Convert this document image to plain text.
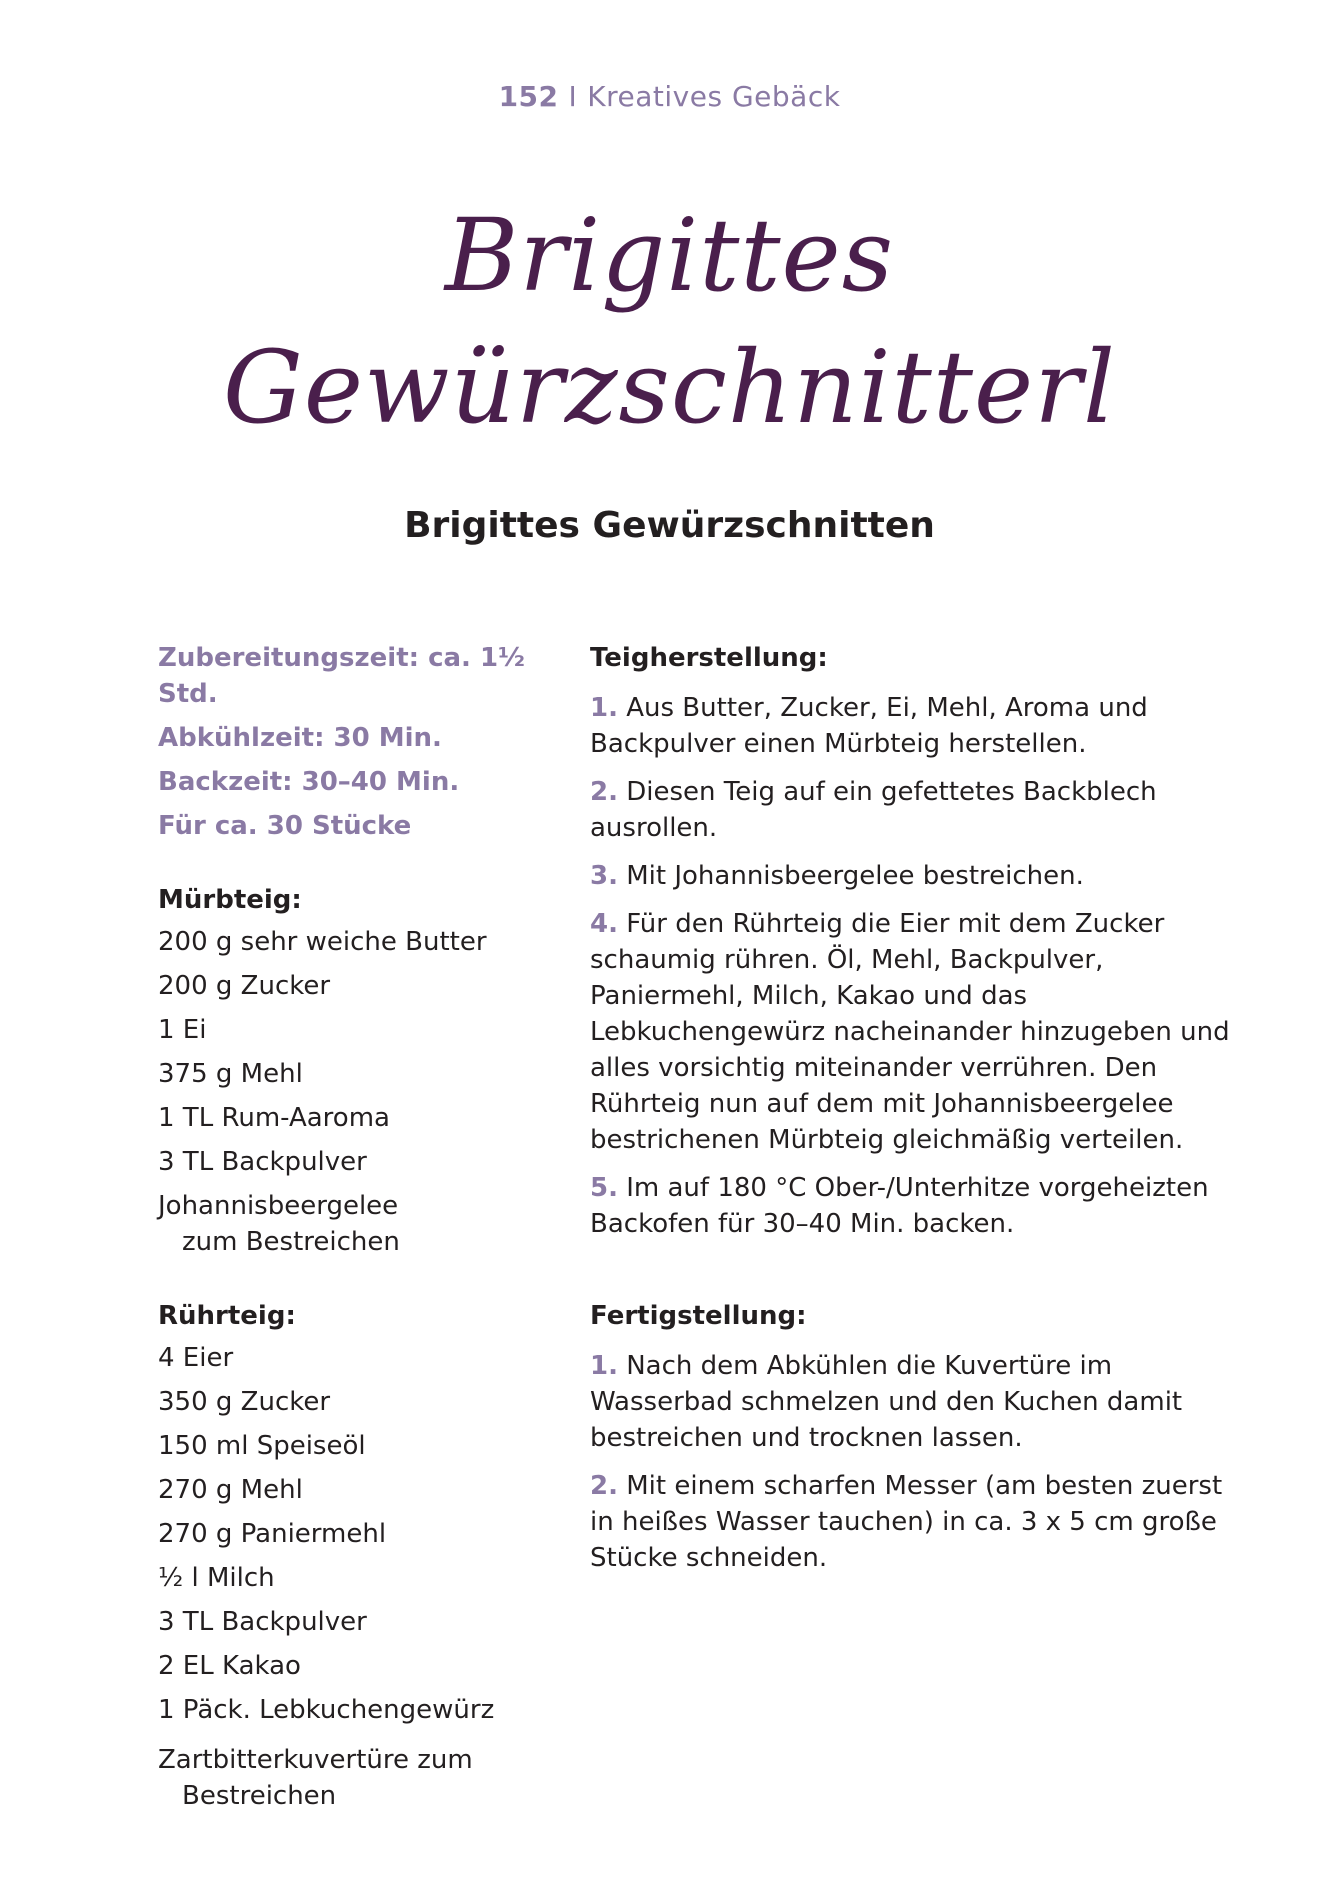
152 I Kreatives Gebäck
Brigittes
Gewürzschnitterl
Brigittes Gewürzschnitten
Zubereitungszeit: ca. 1½ Std.
Abkühlzeit: 30 Min.
Backzeit: 30–40 Min.
Für ca. 30 Stücke
Mürbteig:
200 g sehr weiche Butter
200 g Zucker
1 Ei
375 g Mehl
1 TL Rum-Aaroma
3 TL Backpulver
Johannisbeergelee
zum Bestreichen
Rührteig:
4 Eier
350 g Zucker
150 ml Speiseöl
270 g Mehl
270 g Paniermehl
½ l Milch
3 TL Backpulver
2 EL Kakao
1 Päck. Lebkuchengewürz
Zartbitterkuvertüre zum
Bestreichen
Teigherstellung:
1. Aus Butter, Zucker, Ei, Mehl, Aroma und Backpulver einen Mürbteig herstellen.
2. Diesen Teig auf ein gefettetes Backblech ausrollen.
3. Mit Johannisbeergelee bestreichen.
4. Für den Rührteig die Eier mit dem Zucker schaumig rühren. Öl, Mehl, Backpulver, Paniermehl, Milch, Kakao und das Lebkuchengewürz nacheinander hinzugeben und alles vorsichtig miteinander verrühren. Den Rührteig nun auf dem mit Johannisbeergelee bestrichenen Mürbteig gleichmäßig verteilen.
5. Im auf 180 °C Ober-/Unterhitze vorgeheizten Backofen für 30–40 Min. backen.
Fertigstellung:
1. Nach dem Abkühlen die Kuvertüre im Wasserbad schmelzen und den Kuchen damit bestreichen und trocknen lassen.
2. Mit einem scharfen Messer (am besten zuerst in heißes Wasser tauchen) in ca. 3 x 5 cm große Stücke schneiden.
